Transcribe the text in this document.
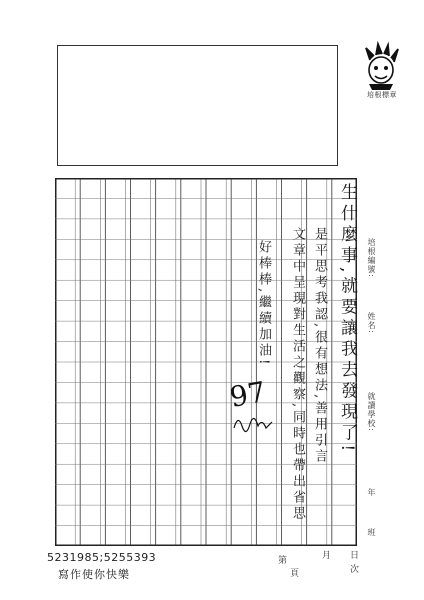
培根標章
培根編號:
姓名:
就讀學校:
年
班
生什麼事,就要讓我去發現了!
是平思考我認,很有想法,善用引言
文章中呈現對生活之觀察,同時也帶出省思
好棒棒,繼續加油!
97
第
頁
月 日
次
5231985;5255393
寫作使你快樂
